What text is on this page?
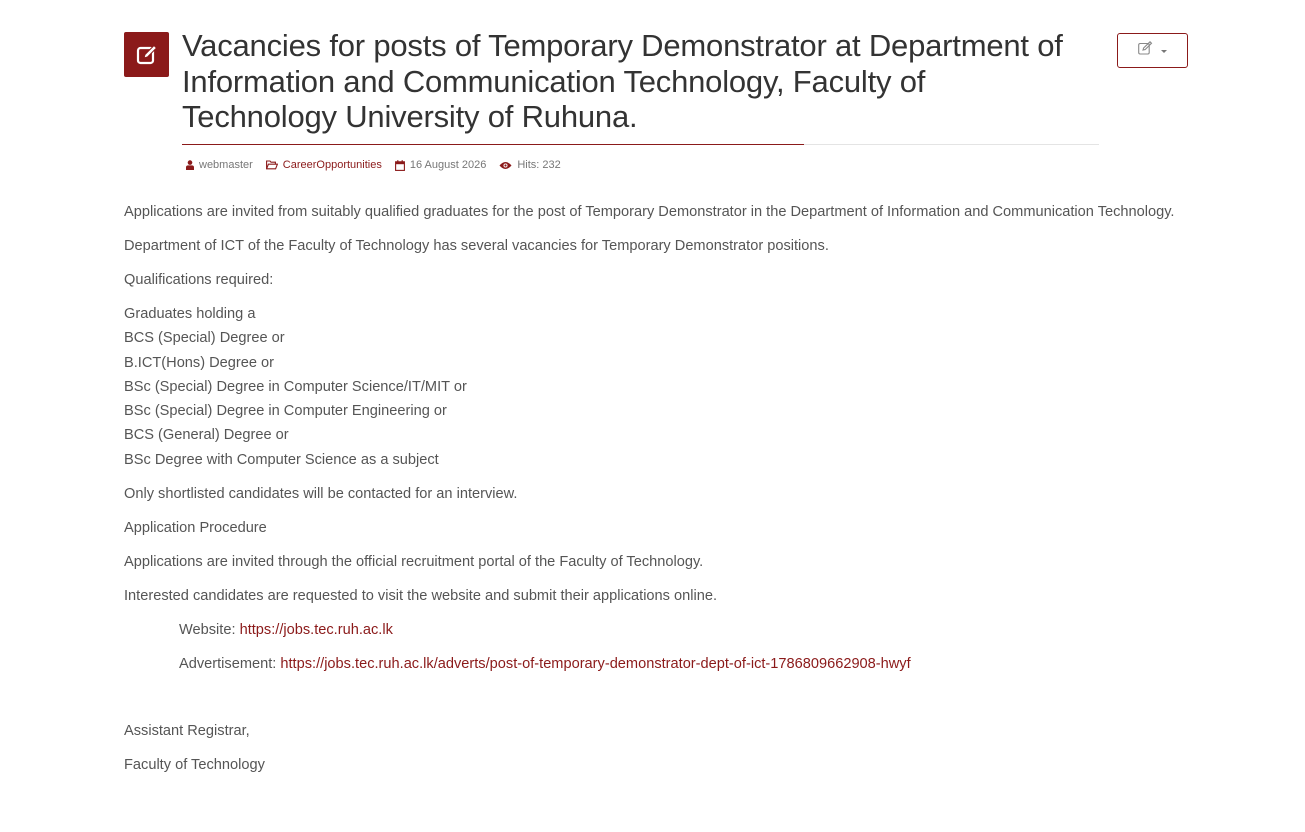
Vacancies for posts of Temporary Demonstrator at Department of Information and Communication Technology, Faculty of Technology University of Ruhuna.
webmaster	CareerOpportunities	16 August 2026	Hits: 232

Applications are invited from suitably qualified graduates for the post of Temporary Demonstrator in the Department of Information and Communication Technology.

Department of ICT of the Faculty of Technology has several vacancies for Temporary Demonstrator positions.

Qualifications required:

Graduates holding a
BCS (Special) Degree or
B.ICT(Hons) Degree or
BSc (Special) Degree in Computer Science/IT/MIT or
BSc (Special) Degree in Computer Engineering or
BCS (General) Degree or
BSc Degree with Computer Science as a subject

Only shortlisted candidates will be contacted for an interview.

Application Procedure

Applications are invited through the official recruitment portal of the Faculty of Technology.

Interested candidates are requested to visit the website and submit their applications online.

Website: https://jobs.tec.ruh.ac.lk

Advertisement: https://jobs.tec.ruh.ac.lk/adverts/post-of-temporary-demonstrator-dept-of-ict-1786809662908-hwyf

Assistant Registrar,

Faculty of Technology
